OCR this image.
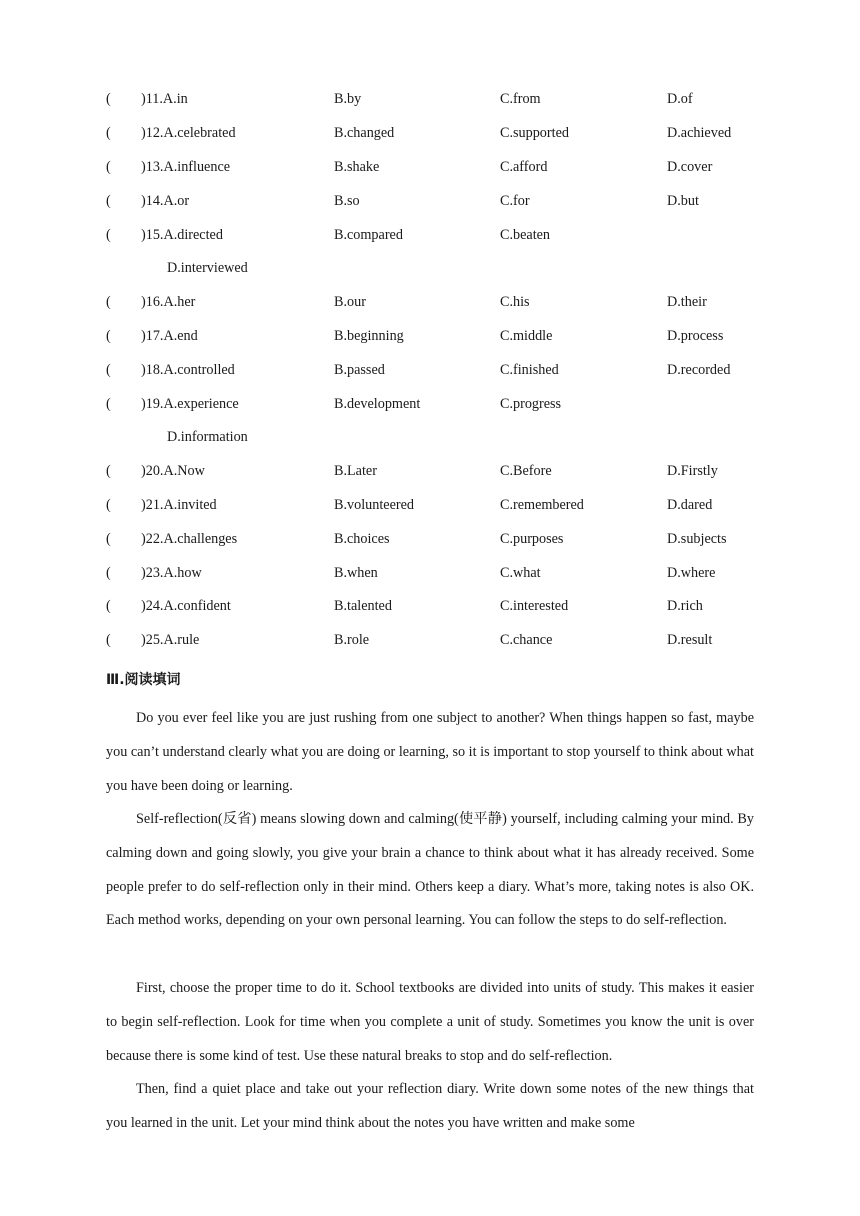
( )11.A.in	B.by	C.from	D.of
( )12.A.celebrated	B.changed	C.supported	D.achieved
( )13.A.influence	B.shake	C.afford	D.cover
( )14.A.or	B.so	C.for	D.but
( )15.A.directed	B.compared	C.beaten
D.interviewed
( )16.A.her	B.our	C.his	D.their
( )17.A.end	B.beginning	C.middle	D.process
( )18.A.controlled	B.passed	C.finished	D.recorded
( )19.A.experience	B.development	C.progress
D.information
( )20.A.Now	B.Later	C.Before	D.Firstly
( )21.A.invited	B.volunteered	C.remembered	D.dared
( )22.A.challenges	B.choices	C.purposes	D.subjects
( )23.A.how	B.when	C.what	D.where
( )24.A.confident	B.talented	C.interested	D.rich
( )25.A.rule	B.role	C.chance	D.result
Ⅲ.阅读填词

Do you ever feel like you are just rushing from one subject to another? When things happen so fast, maybe you can’t understand clearly what you are doing or learning, so it is important to stop yourself to think about what you have been doing or learning.

Self-reflection(反省) means slowing down and calming(使平静) yourself, including calming your mind. By calming down and going slowly, you give your brain a chance to think about what it has already received. Some people prefer to do self-reflection only in their mind. Others keep a diary. What’s more, taking notes is also OK. Each method works, depending on your own personal learning. You can follow the steps to do self-reflection.

First, choose the proper time to do it. School textbooks are divided into units of study. This makes it easier to begin self-reflection. Look for time when you complete a unit of study. Sometimes you know the unit is over because there is some kind of test. Use these natural breaks to stop and do self-reflection.

Then, find a quiet place and take out your reflection diary. Write down some notes of the new things that you learned in the unit. Let your mind think about the notes you have written and make some
